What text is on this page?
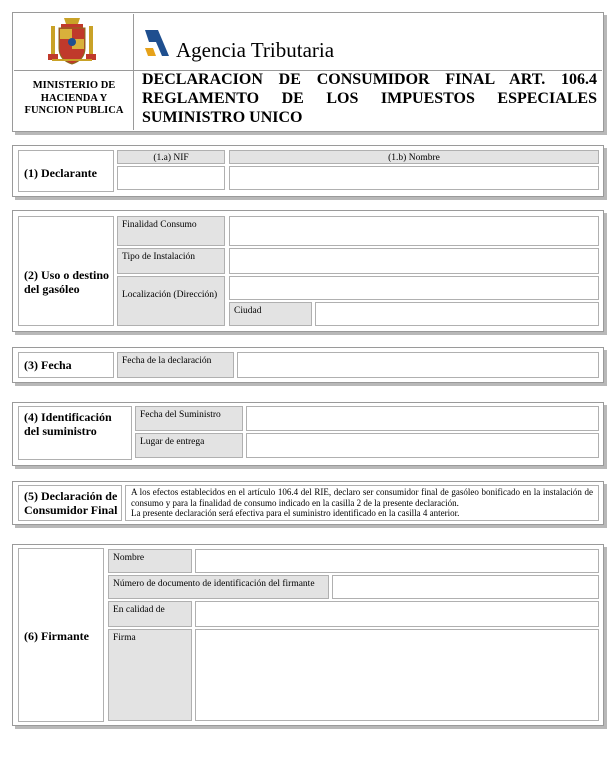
MINISTERIO DE HACIENDA Y FUNCION PUBLICA
Agencia Tributaria
DECLARACION DE CONSUMIDOR FINAL ART. 106.4
REGLAMENTO DE LOS IMPUESTOS ESPECIALES
SUMINISTRO UNICO
(1) Declarante
(1.a) NIF	(1.b) Nombre
(2) Uso o destino del gasóleo
Finalidad Consumo
Tipo de Instalación
Localización (Dirección)
Ciudad
(3) Fecha	Fecha de la declaración
(4) Identificación del suministro
Fecha del Suministro
Lugar de entrega
(5) Declaración de Consumidor Final
A los efectos establecidos en el artículo 106.4 del RIE, declaro ser consumidor final de gasóleo bonificado en la instalación de consumo y para la finalidad de consumo indicado en la casilla 2 de la presente declaración.
La presente declaración será efectiva para el suministro identificado en la casilla 4 anterior.
(6) Firmante
Nombre
Número de documento de identificación del firmante
En calidad de
Firma
